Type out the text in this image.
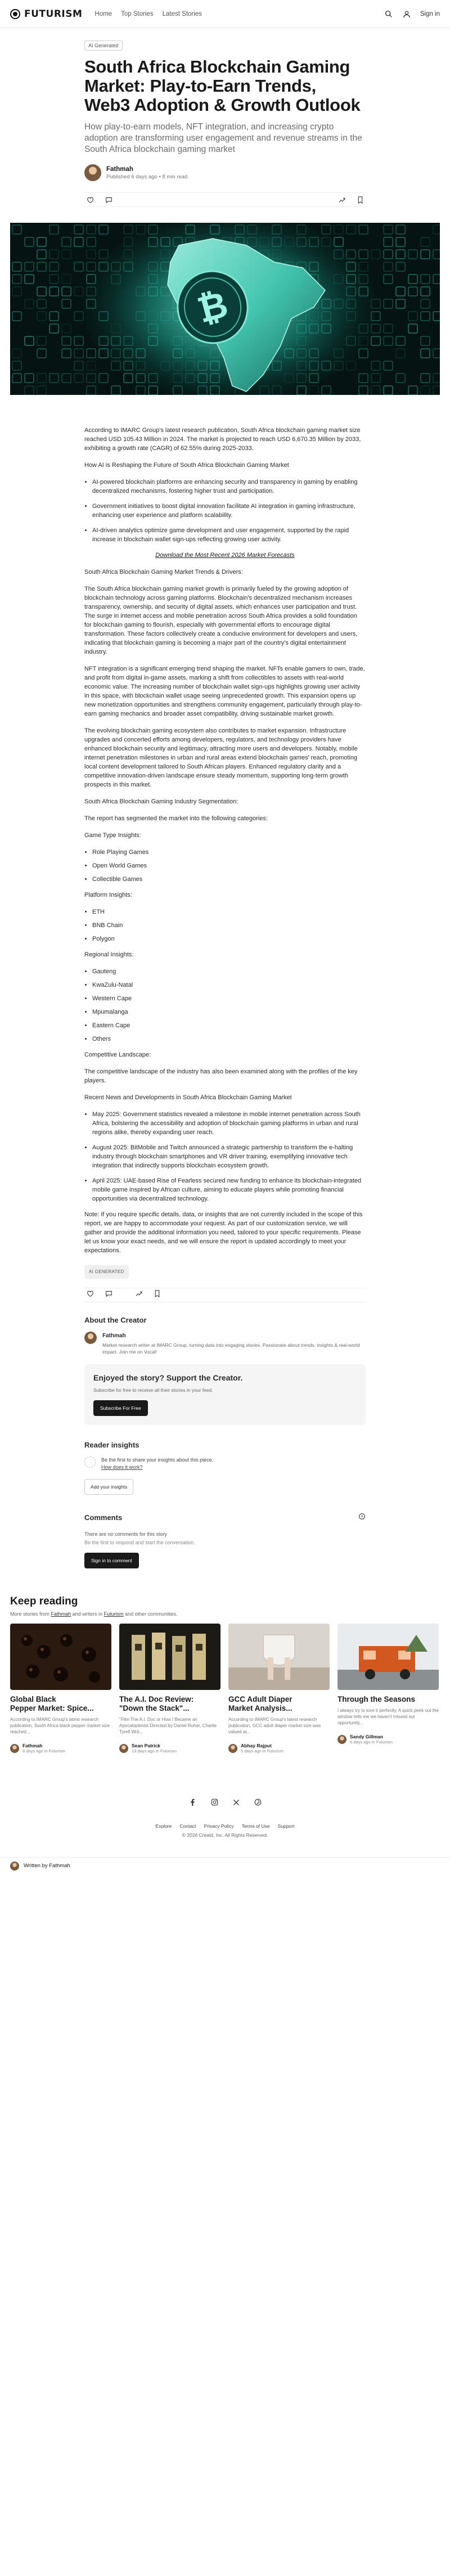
FUTURISM Home Top Stories Latest Stories	Sign in
AI Generated
South Africa Blockchain Gaming Market: Play-to-Earn Trends, Web3 Adoption & Growth Outlook

How play-to-earn models, NFT integration, and increasing crypto adoption are transforming user engagement and revenue streams in the South Africa blockchain gaming market

Fathmah
Published 6 days ago • 8 min read
₿

According to IMARC Group's latest research publication, South Africa blockchain gaming market size reached USD 105.43 Million in 2024. The market is projected to reach USD 6,670.35 Million by 2033, exhibiting a growth rate (CAGR) of 62.55% during 2025-2033.

How AI is Reshaping the Future of South Africa Blockchain Gaming Market

• AI-powered blockchain platforms are enhancing security and transparency in gaming by enabling decentralized mechanisms, fostering higher trust and participation.
• Government initiatives to boost digital innovation facilitate AI integration in gaming infrastructure, enhancing user experience and platform scalability.
• AI-driven analytics optimize game development and user engagement, supported by the rapid increase in blockchain wallet sign-ups reflecting growing user activity.
Download the Most Recent 2026 Market Forecasts

South Africa Blockchain Gaming Market Trends & Drivers:

The South Africa blockchain gaming market growth is primarily fueled by the growing adoption of blockchain technology across gaming platforms. Blockchain's decentralized mechanism increases transparency, ownership, and security of digital assets, which enhances user participation and trust. The surge in internet access and mobile penetration across South Africa provides a solid foundation for blockchain gaming to flourish, especially with governmental efforts to encourage digital transformation. These factors collectively create a conducive environment for developers and users, indicating that blockchain gaming is becoming a major part of the country's digital entertainment industry.

NFT integration is a significant emerging trend shaping the market. NFTs enable gamers to own, trade, and profit from digital in-game assets, marking a shift from collectibles to assets with real-world economic value. The increasing number of blockchain wallet sign-ups highlights growing user activity in this space, with blockchain wallet usage seeing unprecedented growth. This expansion opens up new monetization opportunities and strengthens community engagement, particularly through play-to-earn gaming mechanics and broader asset compatibility, driving sustainable market growth.

The evolving blockchain gaming ecosystem also contributes to market expansion. Infrastructure upgrades and concerted efforts among developers, regulators, and technology providers have enhanced blockchain security and legitimacy, attracting more users and developers. Notably, mobile internet penetration milestones in urban and rural areas extend blockchain games' reach, promoting local content development tailored to South African players. Enhanced regulatory clarity and a competitive innovation-driven landscape ensure steady momentum, supporting long-term growth prospects in this market.

South Africa Blockchain Gaming Industry Segmentation:

The report has segmented the market into the following categories:

Game Type Insights:

• Role Playing Games
• Open World Games
• Collectible Games

Platform Insights:

• ETH
• BNB Chain
• Polygon

Regional Insights:

• Gauteng
• KwaZulu-Natal
• Western Cape
• Mpumalanga
• Eastern Cape
• Others

Competitive Landscape:

The competitive landscape of the industry has also been examined along with the profiles of the key players.

Recent News and Developments in South Africa Blockchain Gaming Market

• May 2025: Government statistics revealed a milestone in mobile internet penetration across South Africa, bolstering the accessibility and adoption of blockchain gaming platforms in urban and rural regions alike, thereby expanding user reach.
• August 2025: BitMobile and Twitch announced a strategic partnership to transform the e-halting industry through blockchain smartphones and VR driver training, exemplifying innovative tech integration that indirectly supports blockchain ecosystem growth.
• April 2025: UAE-based Rise of Fearless secured new funding to enhance its blockchain-integrated mobile game inspired by African culture, aiming to educate players while promoting financial opportunities via decentralized technology.

Note: If you require specific details, data, or insights that are not currently included in the scope of this report, we are happy to accommodate your request. As part of our customization service, we will gather and provide the additional information you need, tailored to your specific requirements. Please let us know your exact needs, and we will ensure the report is updated accordingly to meet your expectations.

AI GENERATED
About the Creator
Fathmah
Market research writer at IMARC Group, turning data into engaging stories. Passionate about trends, insights & real-world impact. Join me on Vocal!
Enjoyed the story? Support the Creator.
Subscribe for free to receive all their stories in your feed.
Subscribe For Free
Reader insights
Be the first to share your insights about this piece.
How does it work?
Add your insights
Comments
There are no comments for this story
Be the first to respond and start the conversation.
Sign in to comment
Keep reading
More stories from Fathmah and writers in Futurism and other communities.
Global Black
Pepper Market: Spice...
According to IMARC Group's latest research publication, South Africa black pepper market size reached...
Fathmah
8 days ago in Futurism
The A.I. Doc Review:
"Down the Stack"...
"Film The A.I. Doc or How I Became an Apocaloptimist Directed by Daniel Roher, Charlie Tyrell Writ...
Sean Patrick
13 days ago in Futurism
GCC Adult Diaper
Market Analysis...
According to IMARC Group's latest research publication, GCC adult diaper market size was valued at...
Abhay Rajput
5 days ago in Futurism
Through the Seasons
I always try to love it perfectly. A quick peek out the window tells me we haven't missed our opportunity...
Sandy Gillman
6 days ago in Futurism
Explore Contact Privacy Policy Terms of Use Support
© 2026 Creatd, Inc. All Rights Reserved.
Written by Fathmah
